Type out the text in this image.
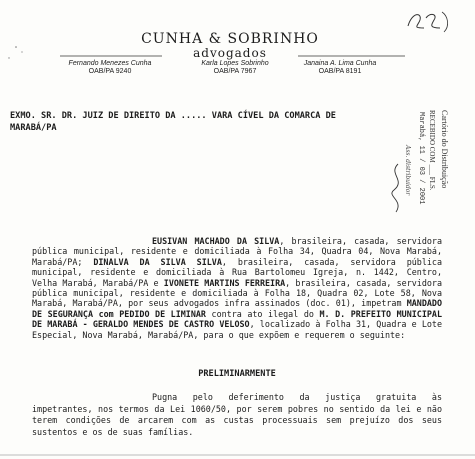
CUNHA & SOBRINHO
advogados
Fernando Menezes Cunha
OAB/PA 9240
Karla Lopes Sobrinho
OAB/PA 7967
Janaina A. Lima Cunha
OAB/PA 8191
EXMO. SR. DR. JUIZ DE DIREITO DA ..... VARA CÍVEL DA COMARCA DE MARABÁ/PA	Cartório do Distribuição
RECEBIDO COM ___ FLS.
Marabá, 11 / 03 / 2001
Ass. distribuidor
EUSIVAN MACHADO DA SILVA, brasileira, casada, servidora pública municipal, residente e domiciliada à Folha 34, Quadra 04, Nova Marabá, Marabá/PA; DINALVA DA SILVA SILVA, brasileira, casada, servidora pública municipal, residente e domiciliada à Rua Bartolomeu Igreja, n. 1442, Centro, Velha Marabá, Marabá/PA e IVONETE MARTINS FERREIRA, brasileira, casada, servidora pública municipal, residente e domiciliada à Folha 18, Quadra 02, Lote 58, Nova Marabá, Marabá/PA, por seus advogados infra assinados (doc. 01), impetram MANDADO DE SEGURANÇA com PEDIDO DE LIMINAR contra ato ilegal do M. D. PREFEITO MUNICIPAL DE MARABÁ - GERALDO MENDES DE CASTRO VELOSO, localizado à Folha 31, Quadra e Lote Especial, Nova Marabá, Marabá/PA, para o que expõem e requerem o seguinte:
PRELIMINARMENTE
Pugna pelo deferimento da justiça gratuita às impetrantes, nos termos da Lei 1060/50, por serem pobres no sentido da lei e não terem condições de arcarem com as custas processuais sem prejuízo dos seus sustentos e os de suas famílias.
